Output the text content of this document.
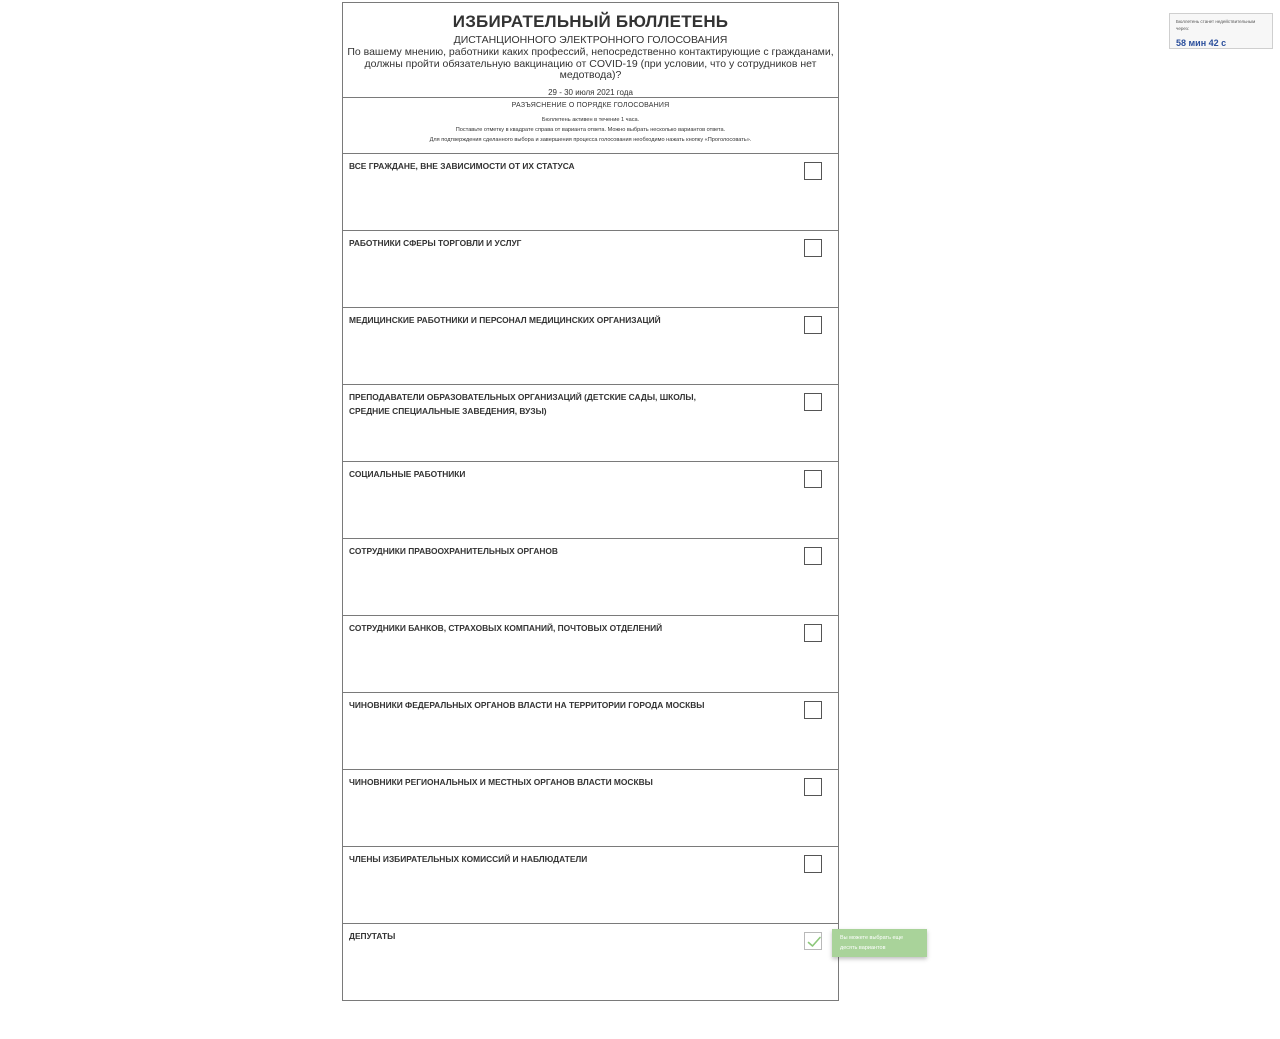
ИЗБИРАТЕЛЬНЫЙ БЮЛЛЕТЕНЬ
ДИСТАНЦИОННОГО ЭЛЕКТРОННОГО ГОЛОСОВАНИЯ
По вашему мнению, работники каких профессий, непосредственно контактирующие с гражданами, должны пройти обязательную вакцинацию от COVID-19 (при условии, что у сотрудников нет медотвода)?
29 - 30 июля 2021 года
РАЗЪЯСНЕНИЕ О ПОРЯДКЕ ГОЛОСОВАНИЯ
Бюллетень активен в течение 1 часа.
Поставьте отметку в квадрате справа от варианта ответа. Можно выбрать несколько вариантов ответа.
Для подтверждения сделанного выбора и завершения процесса голосования необходимо нажать кнопку «Проголосовать».
ВСЕ ГРАЖДАНЕ, ВНЕ ЗАВИСИМОСТИ ОТ ИХ СТАТУСА
РАБОТНИКИ СФЕРЫ ТОРГОВЛИ И УСЛУГ
МЕДИЦИНСКИЕ РАБОТНИКИ И ПЕРСОНАЛ МЕДИЦИНСКИХ ОРГАНИЗАЦИЙ
ПРЕПОДАВАТЕЛИ ОБРАЗОВАТЕЛЬНЫХ ОРГАНИЗАЦИЙ (ДЕТСКИЕ САДЫ, ШКОЛЫ, СРЕДНИЕ СПЕЦИАЛЬНЫЕ ЗАВЕДЕНИЯ, ВУЗЫ)
СОЦИАЛЬНЫЕ РАБОТНИКИ
СОТРУДНИКИ ПРАВООХРАНИТЕЛЬНЫХ ОРГАНОВ
СОТРУДНИКИ БАНКОВ, СТРАХОВЫХ КОМПАНИЙ, ПОЧТОВЫХ ОТДЕЛЕНИЙ
ЧИНОВНИКИ ФЕДЕРАЛЬНЫХ ОРГАНОВ ВЛАСТИ НА ТЕРРИТОРИИ ГОРОДА МОСКВЫ
ЧИНОВНИКИ РЕГИОНАЛЬНЫХ И МЕСТНЫХ ОРГАНОВ ВЛАСТИ МОСКВЫ
ЧЛЕНЫ ИЗБИРАТЕЛЬНЫХ КОМИССИЙ И НАБЛЮДАТЕЛИ
ДЕПУТАТЫ	Вы можете выбрать еще десять вариантов
Бюллетень станет недействительным через:
58 мин 42 с
